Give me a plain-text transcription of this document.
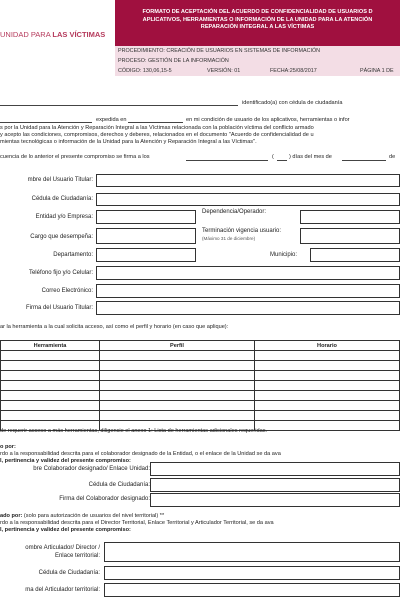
UNIDAD PARA LAS VÍCTIMAS
FORMATO DE ACEPTACIÓN DEL ACUERDO DE CONFIDENCIALIDAD DE USUARIOS D
APLICATIVOS, HERRAMIENTAS O INFORMACIÓN DE LA UNIDAD PARA LA ATENCIÓN
REPARACIÓN INTEGRAL A LAS VÍCTIMAS
PROCEDIMIENTO: CREACIÓN DE USUARIOS EN SISTEMAS DE INFORMACIÓN
PROCESO: GESTIÓN DE LA INFORMACIÓN
CÓDIGO: 130,06,15-5	VERSIÓN: 01	FECHA:25/08/2017	PÁGINA 1 DE
identificado(a) con cédula de ciudadanía
expedida en	en mi condición de usuario de los aplicativos, herramientas o infor
s por la Unidad para la Atención y Reparación Integral a las Víctimas relacionada con la población víctima del conflicto armado
y acepto las condiciones, compromisos, derechos y deberes, relacionados en el documento "Acuerdo de confidencialidad de u
mientas tecnológicas o información de la Unidad para la Atención y Reparación Integral a las Víctimas".
cuencia de lo anterior el presente compromiso se firma a los	(	) días del mes de	de
mbre del Usuario Titular:
Cédula de Ciudadanía:
Entidad y/o Empresa:
Dependencia/Operador:
Cargo que desempeña:
Terminación vigencia usuario:
(Máximo 31 de diciembre)
Departamento:	Municipio:
Teléfono fijo y/o Celular:
Correo Electrónico:
Firma del Usuario Titular:
ar la herramienta a la cual solicita acceso, así como el perfil y horario (en caso que aplique):
Herramienta	Perfil	Horario

de requerir acceso a más herramientas, diligencie el anexo 1: Lista de herramientas adicionales requeridas.
o por:
rdo a la responsabilidad descrita para el colaborador designado de la Entidad, o el enlace de la Unidad se da ava
l, pertinencia y validez del presente compromiso:
bre Colaborador designado/ Enlace Unidad:
Cédula de Ciudadanía:
Firma del Colaborador designado:
ado por: (solo para autorización de usuarios del nivel territorial) **
rdo a la responsabilidad descrita para el Director Territorial, Enlace Territorial y Articulador Territorial, se da ava
l, pertinencia y validez del presente compromiso:
ombre Articulador/ Director /
Enlace territorial:
Cédula de Ciudadanía:
ma del Articulador territorial:
